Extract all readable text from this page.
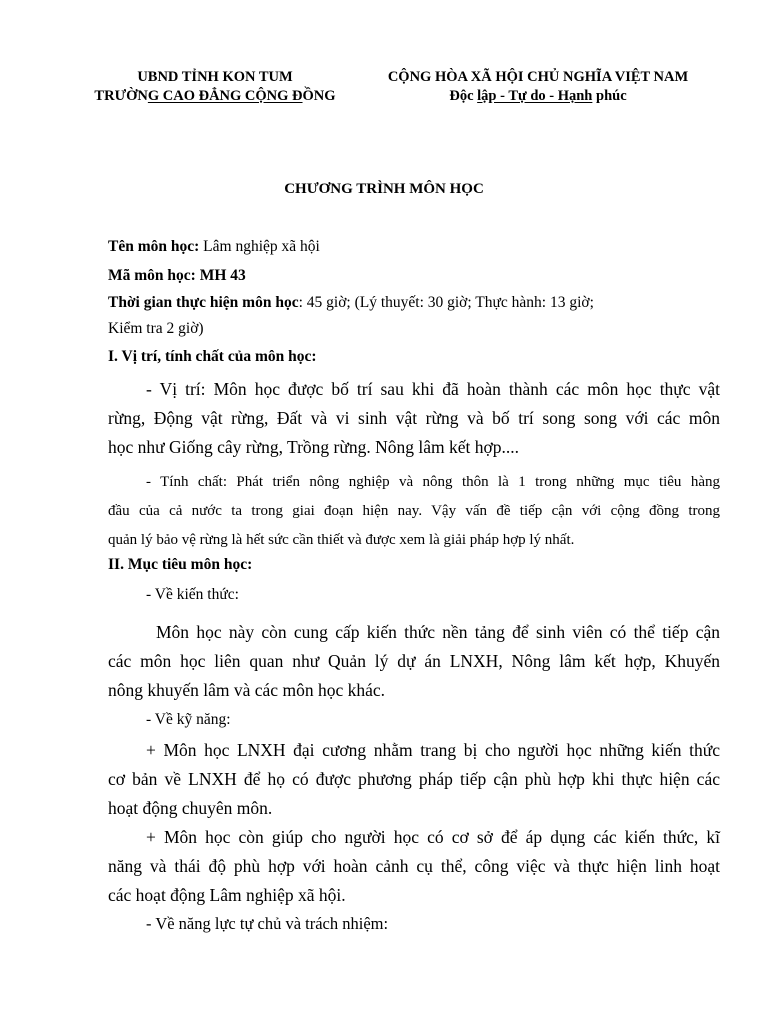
UBND TỈNH KON TUM
TRƯỜNG CAO ĐẲNG CỘNG ĐỒNG
CỘNG HÒA XÃ HỘI CHỦ NGHĨA VIỆT NAM
Độc lập - Tự do - Hạnh phúc
CHƯƠNG TRÌNH MÔN HỌC
Tên môn học: Lâm nghiệp xã hội
Mã môn học: MH 43
Thời gian thực hiện môn học: 45 giờ; (Lý thuyết: 30 giờ; Thực hành: 13 giờ;
Kiểm tra 2 giờ)
I. Vị trí, tính chất của môn học:
- Vị trí: Môn học được bố trí sau khi đã hoàn thành các môn học thực vật
rừng, Động vật rừng, Đất và vi sinh vật rừng và bố trí song song với các môn
học như Giống cây rừng, Trồng rừng. Nông lâm kết hợp....
- Tính chất: Phát triển nông nghiệp và nông thôn là 1 trong những mục tiêu hàng
đầu của cả nước ta trong giai đoạn hiện nay. Vậy vấn đề tiếp cận với cộng đồng trong
quản lý bảo vệ rừng là hết sức cần thiết và được xem là giải pháp hợp lý nhất.
II. Mục tiêu môn học:
- Về kiến thức:
Môn học này còn cung cấp kiến thức nền tảng để sinh viên có thể tiếp cận
các môn học liên quan như Quản lý dự án LNXH, Nông lâm kết hợp, Khuyến
nông khuyến lâm và các môn học khác.
- Về kỹ năng:
+ Môn học LNXH đại cương nhằm trang bị cho người học những kiến thức
cơ bản về LNXH để họ có được phương pháp tiếp cận phù hợp khi thực hiện các
hoạt động chuyên môn.
+ Môn học còn giúp cho người học có cơ sở để áp dụng các kiến thức, kĩ
năng và thái độ phù hợp với hoàn cảnh cụ thể, công việc và thực hiện linh hoạt
các hoạt động Lâm nghiệp xã hội.
- Về năng lực tự chủ và trách nhiệm:
